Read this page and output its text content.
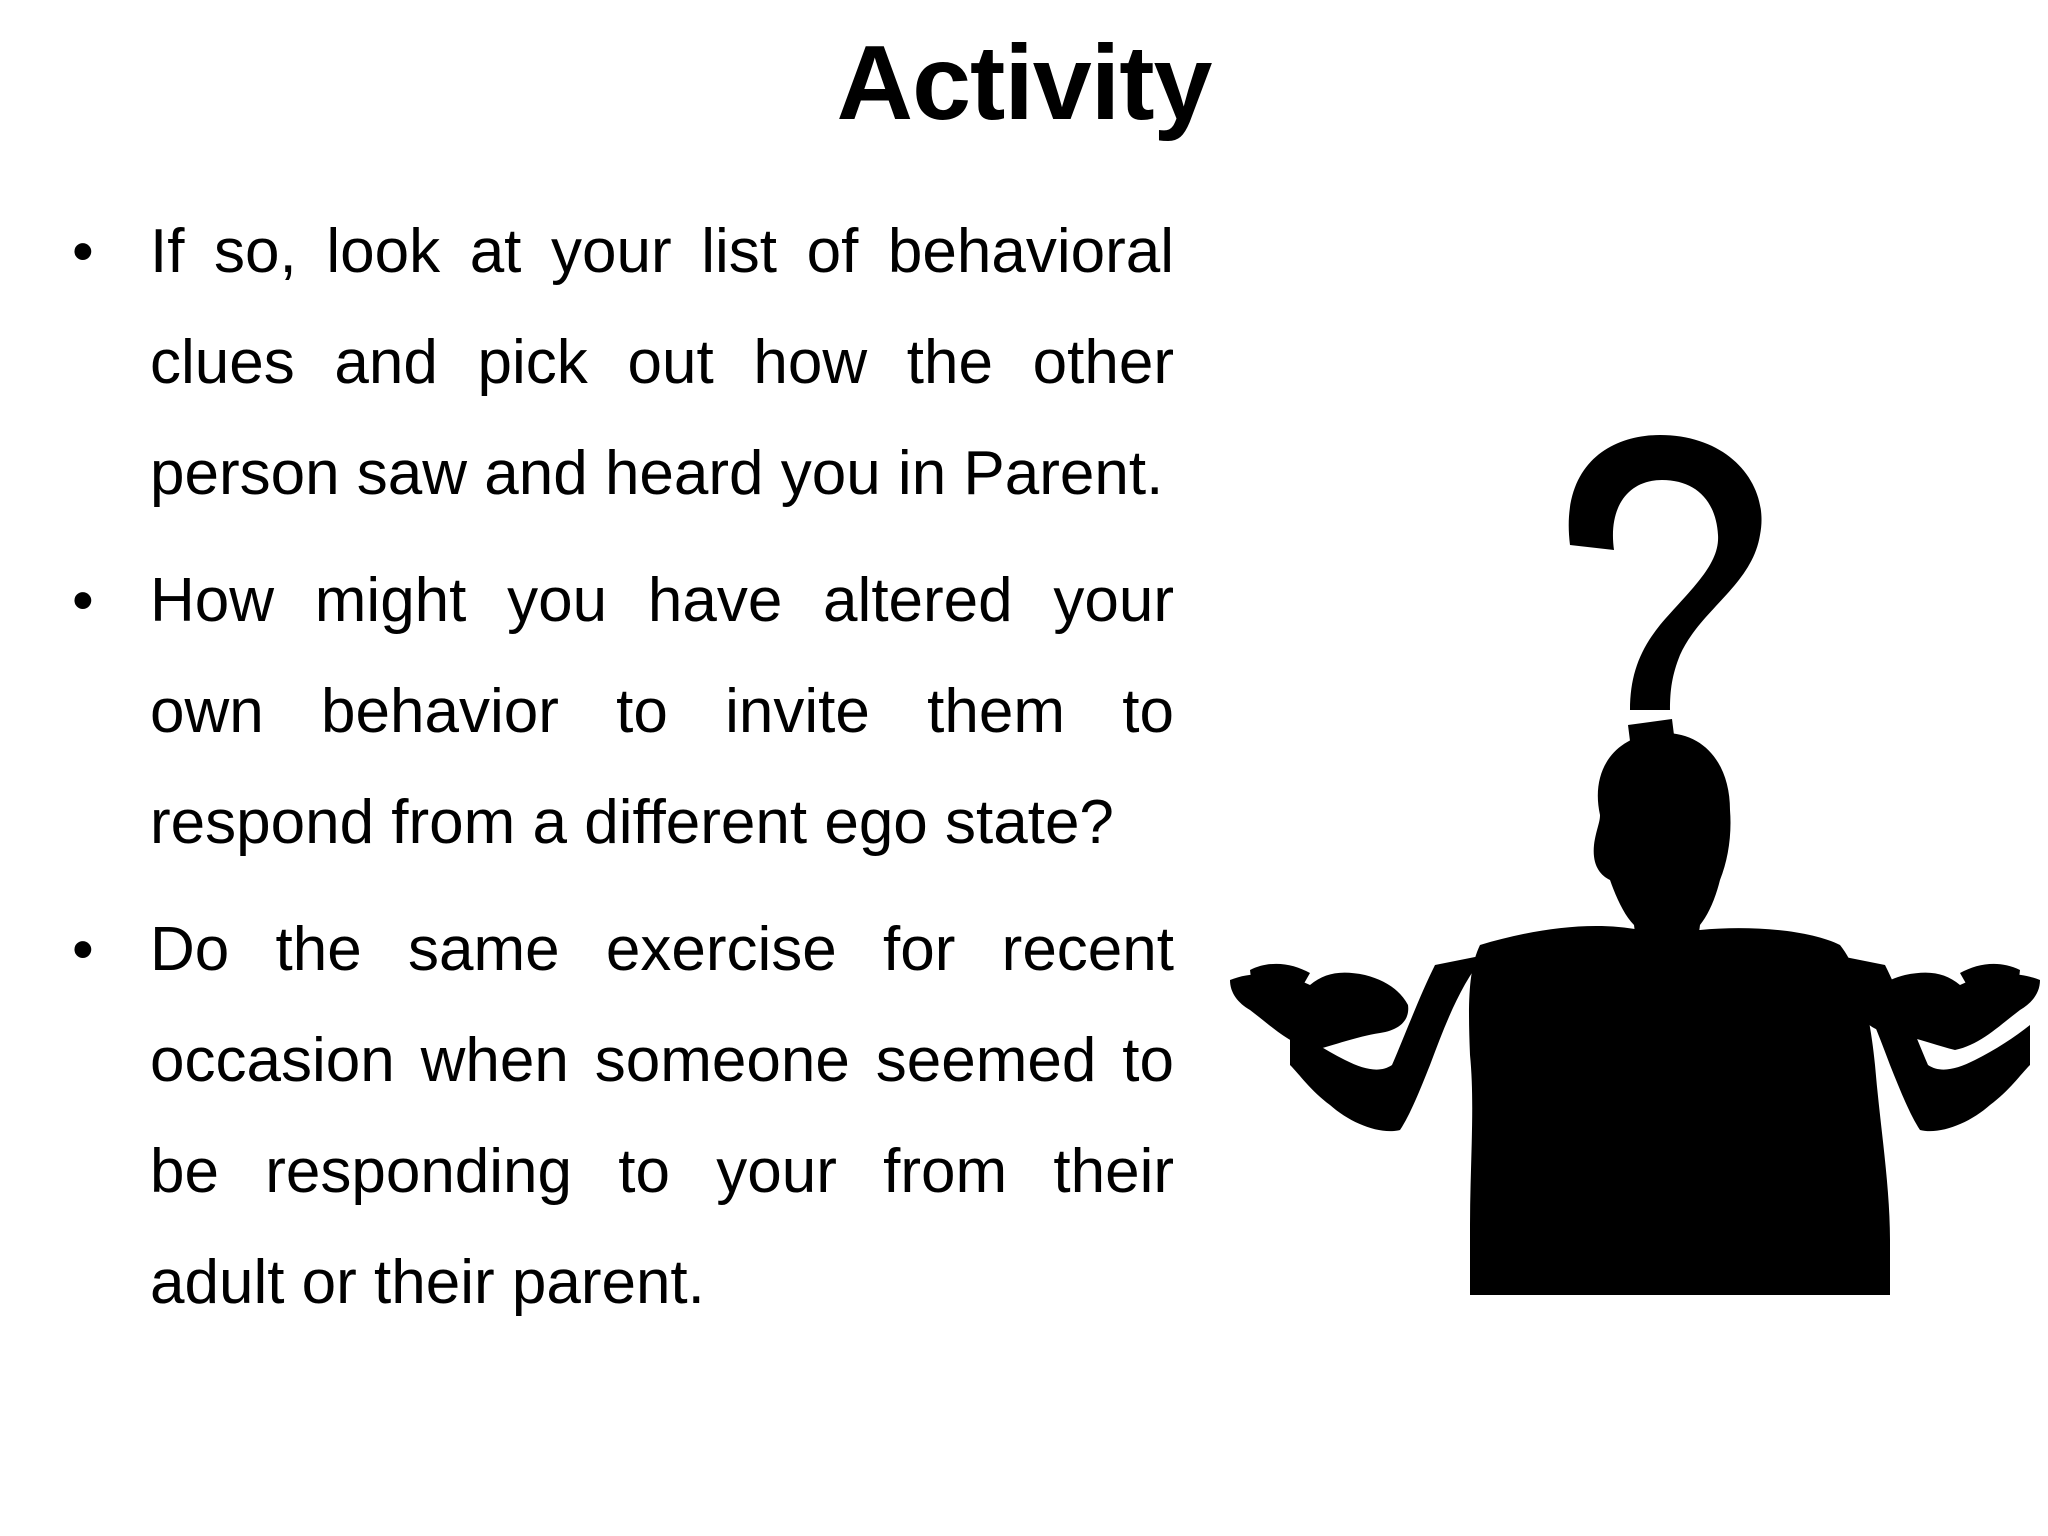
Activity
• If so, look at your list of behavioral clues and pick out how the other person saw and heard you in Parent.
• How might you have altered your own behavior to invite them to respond from a different ego state?
• Do the same exercise for recent occasion when someone seemed to be responding to your from their adult or their parent.
